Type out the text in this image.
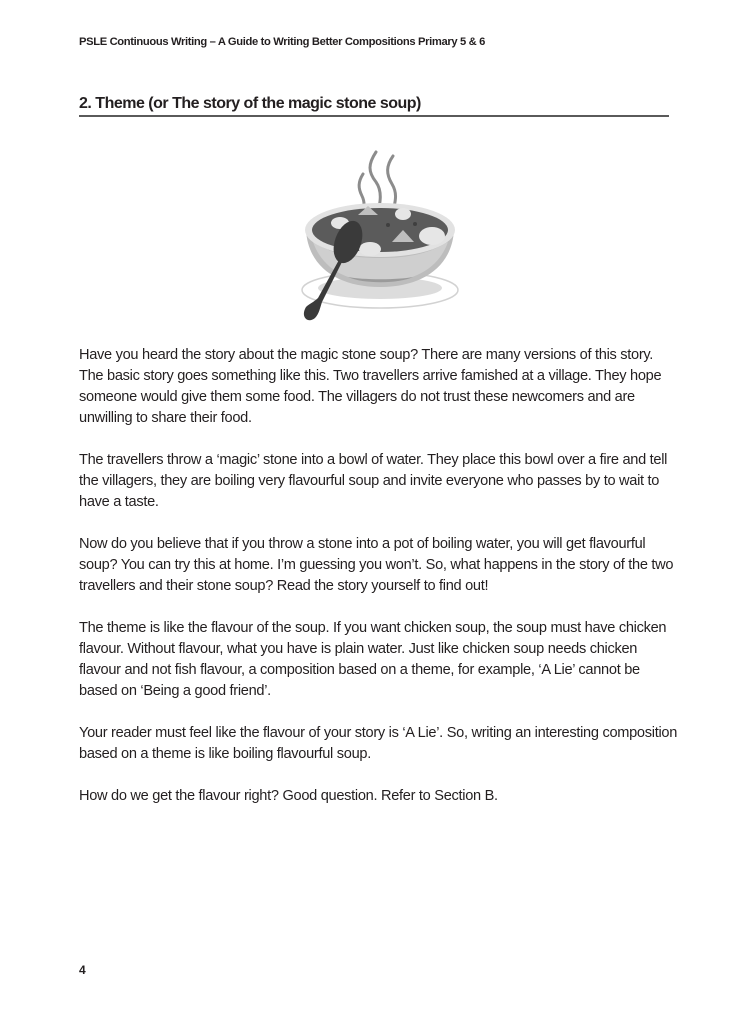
PSLE Continuous Writing – A Guide to Writing Better Compositions Primary 5 & 6
2. Theme (or The story of the magic stone soup)

Have you heard the story about the magic stone soup? There are many versions of this story. The basic story goes something like this. Two travellers arrive famished at a village. They hope someone would give them some food. The villagers do not trust these newcomers and are unwilling to share their food.

The travellers throw a ‘magic’ stone into a bowl of water. They place this bowl over a fire and tell the villagers, they are boiling very flavourful soup and invite everyone who passes by to wait to have a taste.

Now do you believe that if you throw a stone into a pot of boiling water, you will get flavourful soup? You can try this at home. I’m guessing you won’t. So, what happens in the story of the two travellers and their stone soup? Read the story yourself to find out!

The theme is like the flavour of the soup. If you want chicken soup, the soup must have chicken flavour. Without flavour, what you have is plain water. Just like chicken soup needs chicken flavour and not fish flavour, a composition based on a theme, for example, ‘A Lie’ cannot be based on ‘Being a good friend’.

Your reader must feel like the flavour of your story is ‘A Lie’. So, writing an interesting composition based on a theme is like boiling flavourful soup.

How do we get the flavour right? Good question. Refer to Section B.

4
